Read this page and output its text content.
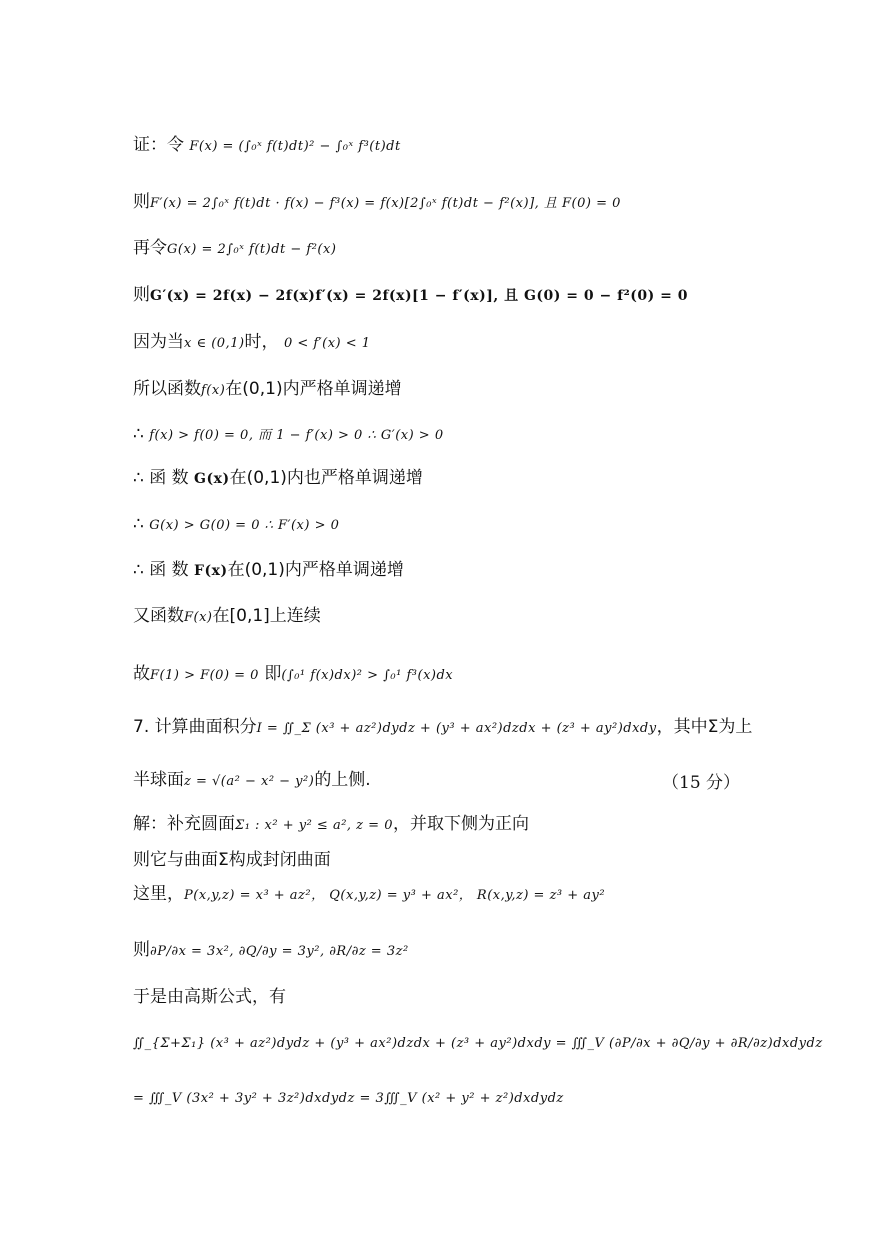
证：令 F(x) = (∫₀ˣ f(t)dt)² − ∫₀ˣ f³(t)dt
则F′(x) = 2∫₀ˣ f(t)dt · f(x) − f³(x) = f(x)[2∫₀ˣ f(t)dt − f²(x)], 且 F(0) = 0
再令G(x) = 2∫₀ˣ f(t)dt − f²(x)
则G′(x) = 2f(x) − 2f(x)f′(x) = 2f(x)[1 − f′(x)], 且 G(0) = 0 − f²(0) = 0
因为当x ∈ (0,1)时， 0 < f′(x) < 1
所以函数f(x)在(0,1)内严格单调递增
∴ f(x) > f(0) = 0, 而 1 − f′(x) > 0 ∴ G′(x) > 0
∴ 函 数 G(x)在(0,1)内也严格单调递增
∴ G(x) > G(0) = 0 ∴ F′(x) > 0
∴ 函 数 F(x)在(0,1)内严格单调递增
又函数F(x)在[0,1]上连续
故F(1) > F(0) = 0 即(∫₀¹ f(x)dx)² > ∫₀¹ f³(x)dx
7. 计算曲面积分I = ∬_Σ (x³ + az²)dydz + (y³ + ax²)dzdx + (z³ + ay²)dxdy，其中Σ为上
半球面z = √(a² − x² − y²)的上侧.	（15 分）
解：补充圆面Σ₁ : x² + y² ≤ a², z = 0，并取下侧为正向
则它与曲面Σ构成封闭曲面
这里，P(x,y,z) = x³ + az²， Q(x,y,z) = y³ + ax²， R(x,y,z) = z³ + ay²
则∂P/∂x = 3x², ∂Q/∂y = 3y², ∂R/∂z = 3z²
于是由高斯公式，有
∬_{Σ+Σ₁} (x³ + az²)dydz + (y³ + ax²)dzdx + (z³ + ay²)dxdy = ∭_V (∂P/∂x + ∂Q/∂y + ∂R/∂z)dxdydz
= ∭_V (3x² + 3y² + 3z²)dxdydz = 3∭_V (x² + y² + z²)dxdydz
